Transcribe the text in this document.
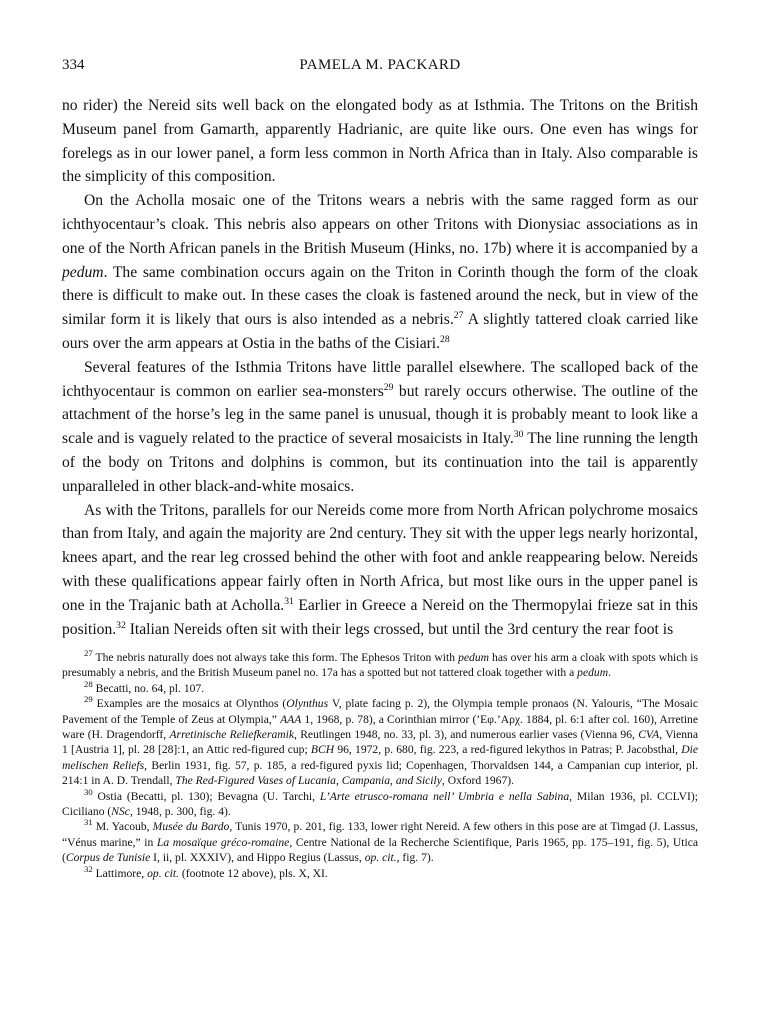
334	PAMELA M. PACKARD

no rider) the Nereid sits well back on the elongated body as at Isthmia. The Tritons on the British Museum panel from Gamarth, apparently Hadrianic, are quite like ours. One even has wings for forelegs as in our lower panel, a form less common in North Africa than in Italy. Also comparable is the simplicity of this composition.

On the Acholla mosaic one of the Tritons wears a nebris with the same ragged form as our ichthyocentaur’s cloak. This nebris also appears on other Tritons with Dionysiac associations as in one of the North African panels in the British Museum (Hinks, no. 17b) where it is accompanied by a pedum. The same combination occurs again on the Triton in Corinth though the form of the cloak there is difficult to make out. In these cases the cloak is fastened around the neck, but in view of the similar form it is likely that ours is also intended as a nebris.$^{27}$ A slightly tattered cloak carried like ours over the arm appears at Ostia in the baths of the Cisiari.$^{28}$

Several features of the Isthmia Tritons have little parallel elsewhere. The scalloped back of the ichthyocentaur is common on earlier sea-monsters$^{29}$ but rarely occurs otherwise. The outline of the attachment of the horse’s leg in the same panel is unusual, though it is probably meant to look like a scale and is vaguely related to the practice of several mosaicists in Italy.$^{30}$ The line running the length of the body on Tritons and dolphins is common, but its continuation into the tail is apparently unparalleled in other black-and-white mosaics.

As with the Tritons, parallels for our Nereids come more from North African polychrome mosaics than from Italy, and again the majority are 2nd century. They sit with the upper legs nearly horizontal, knees apart, and the rear leg crossed behind the other with foot and ankle reappearing below. Nereids with these qualifications appear fairly often in North Africa, but most like ours in the upper panel is one in the Trajanic bath at Acholla.$^{31}$ Earlier in Greece a Nereid on the Thermopylai frieze sat in this position.$^{32}$ Italian Nereids often sit with their legs crossed, but until the 3rd century the rear foot is

$^{27}$ The nebris naturally does not always take this form. The Ephesos Triton with pedum has over his arm a cloak with spots which is presumably a nebris, and the British Museum panel no. 17a has a spotted but not tattered cloak together with a pedum.

$^{28}$ Becatti, no. 64, pl. 107.

$^{29}$ Examples are the mosaics at Olynthos (Olynthus V, plate facing p. 2), the Olympia temple pronaos (N. Yalouris, “The Mosaic Pavement of the Temple of Zeus at Olympia,” AAA 1, 1968, p. 78), a Corinthian mirror (’Εφ.’Αρχ. 1884, pl. 6:1 after col. 160), Arretine ware (H. Dragendorff, Arretinische Reliefkeramik, Reutlingen 1948, no. 33, pl. 3), and numerous earlier vases (Vienna 96, CVA, Vienna 1 [Austria 1], pl. 28 [28]:1, an Attic red-figured cup; BCH 96, 1972, p. 680, fig. 223, a red-figured lekythos in Patras; P. Jacobsthal, Die melischen Reliefs, Berlin 1931, fig. 57, p. 185, a red-figured pyxis lid; Copenhagen, Thorvaldsen 144, a Campanian cup interior, pl. 214:1 in A. D. Trendall, The Red-Figured Vases of Lucania, Campania, and Sicily, Oxford 1967).

$^{30}$ Ostia (Becatti, pl. 130); Bevagna (U. Tarchi, L’Arte etrusco-romana nell’ Umbria e nella Sabina, Milan 1936, pl. CCLVI); Ciciliano (NSc, 1948, p. 300, fig. 4).

$^{31}$ M. Yacoub, Musée du Bardo, Tunis 1970, p. 201, fig. 133, lower right Nereid. A few others in this pose are at Timgad (J. Lassus, “Vénus marine,” in La mosaïque gréco-romaine, Centre National de la Recherche Scientifique, Paris 1965, pp. 175–191, fig. 5), Utica (Corpus de Tunisie I, ii, pl. XXXIV), and Hippo Regius (Lassus, op. cit., fig. 7).

$^{32}$ Lattimore, op. cit. (footnote 12 above), pls. X, XI.
